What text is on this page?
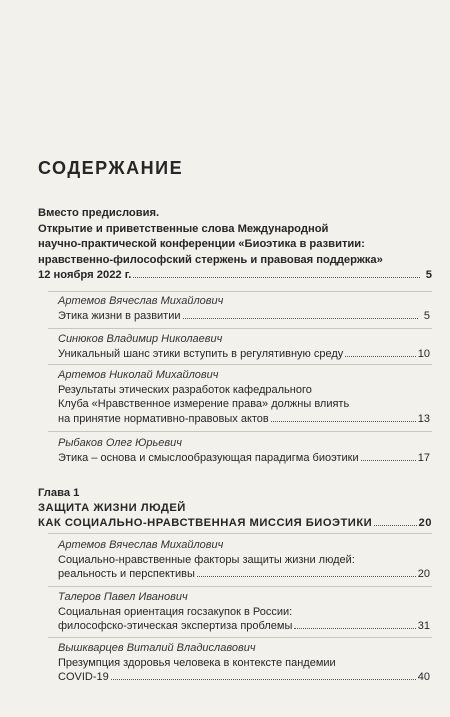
СОДЕРЖАНИЕ
Вместо предисловия.
Открытие и приветственные слова Международной
научно-практической конференции «Биоэтика в развитии:
нравственно-философский стержень и правовая поддержка»
12 ноября 2022 г.	5
Артемов Вячеслав Михайлович
Этика жизни в развитии	5
Синюков Владимир Николаевич
Уникальный шанс этики вступить в регулятивную среду	10
Артемов Николай Михайлович
Результаты этических разработок кафедрального
Клуба «Нравственное измерение права» должны влиять
на принятие нормативно-правовых актов	13
Рыбаков Олег Юрьевич
Этика – основа и смыслообразующая парадигма биоэтики	17
Глава 1
ЗАЩИТА ЖИЗНИ ЛЮДЕЙ
КАК СОЦИАЛЬНО-НРАВСТВЕННАЯ МИССИЯ БИОЭТИКИ	20
Артемов Вячеслав Михайлович
Социально-нравственные факторы защиты жизни людей:
реальность и перспективы	20
Талеров Павел Иванович
Социальная ориентация госзакупок в России:
философско-этическая экспертиза проблемы	31
Вышкварцев Виталий Владиславович
Презумпция здоровья человека в контексте пандемии
COVID-19	40
